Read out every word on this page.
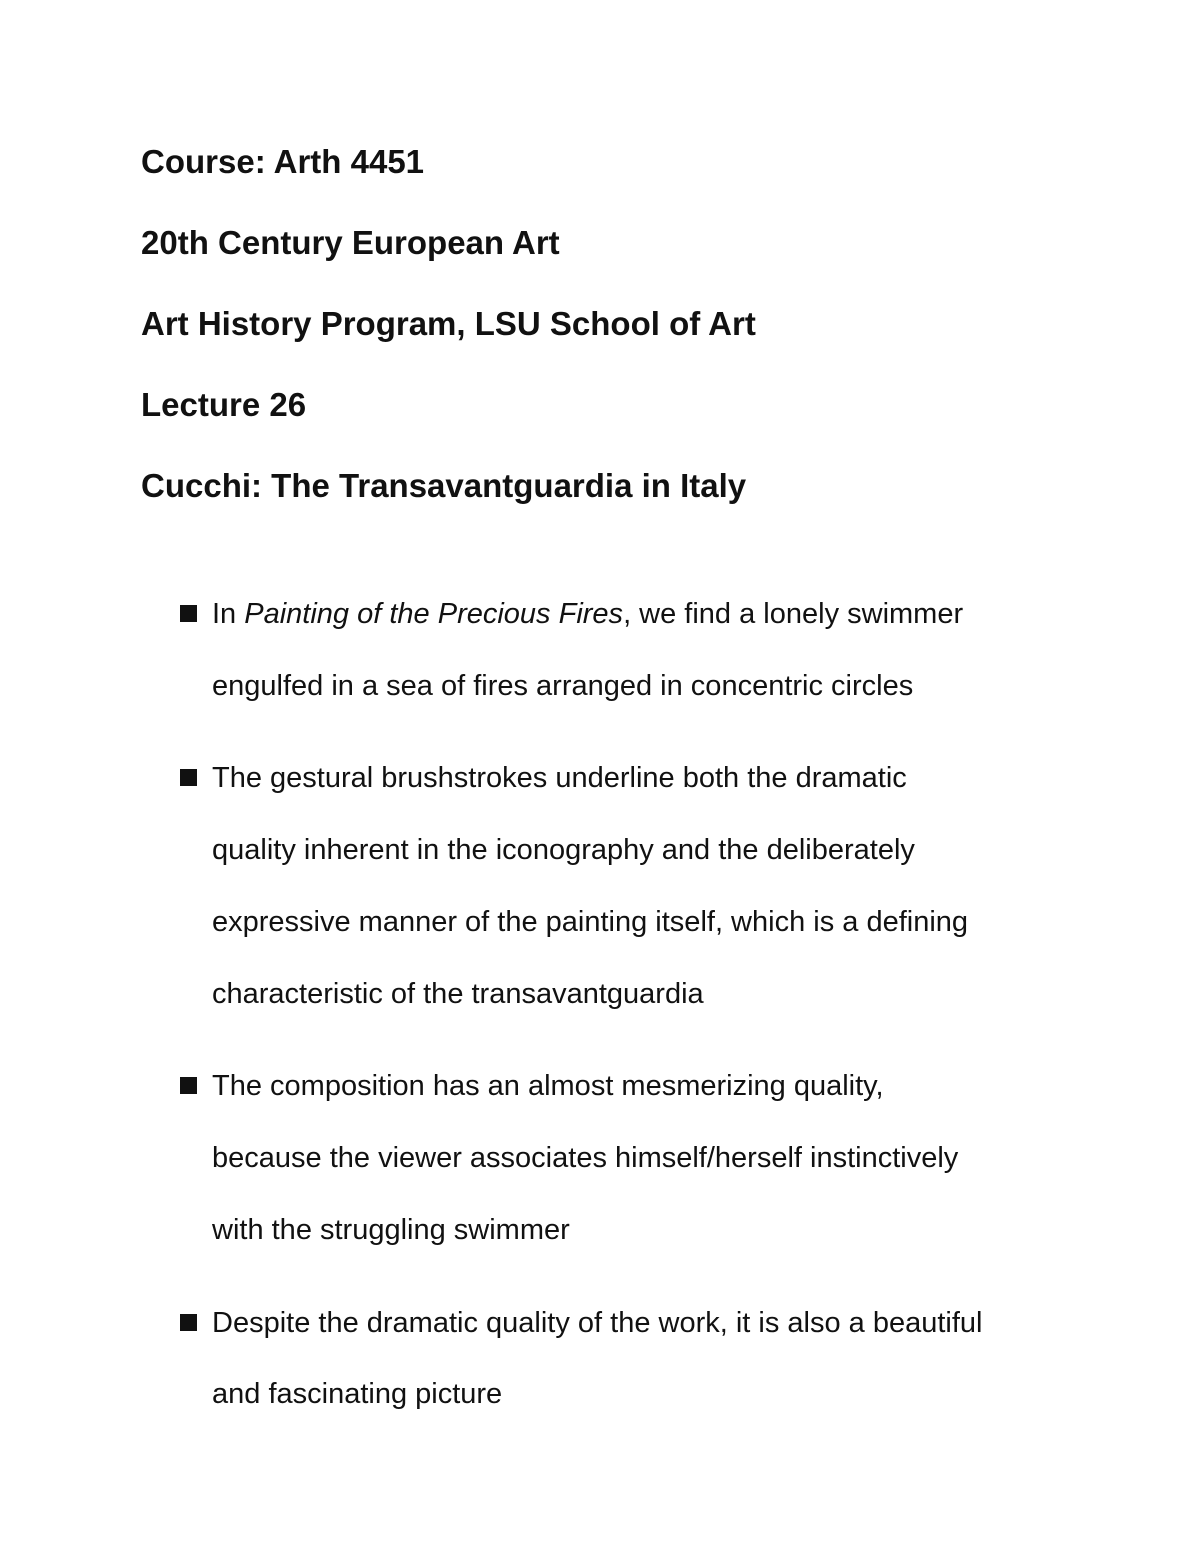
Course: Arth 4451
20th Century European Art
Art History Program, LSU School of Art
Lecture 26
Cucchi: The Transavantguardia in Italy
In Painting of the Precious Fires, we find a lonely swimmer
engulfed in a sea of fires arranged in concentric circles
The gestural brushstrokes underline both the dramatic
quality inherent in the iconography and the deliberately
expressive manner of the painting itself, which is a defining
characteristic of the transavantguardia
The composition has an almost mesmerizing quality,
because the viewer associates himself/herself instinctively
with the struggling swimmer
Despite the dramatic quality of the work, it is also a beautiful
and fascinating picture
